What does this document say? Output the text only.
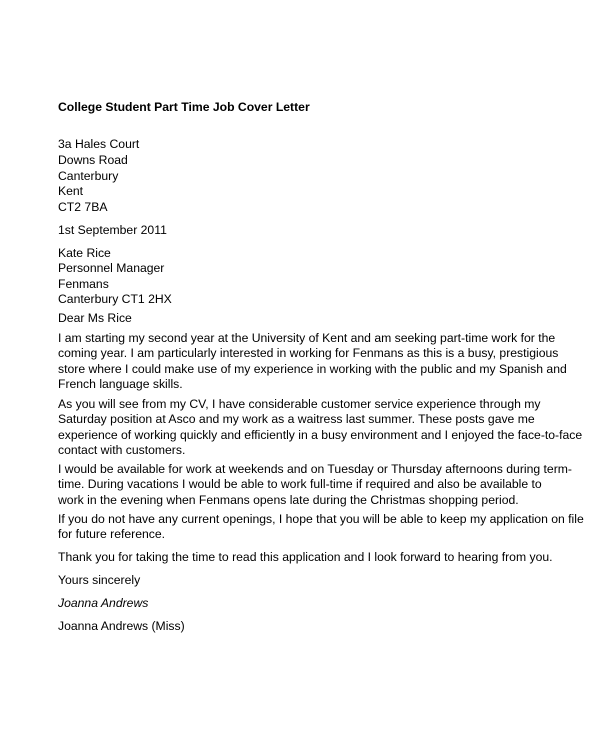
College Student Part Time Job Cover Letter
3a Hales Court
Downs Road
Canterbury
Kent
CT2 7BA
1st September 2011
Kate Rice
Personnel Manager
Fenmans
Canterbury CT1 2HX
Dear Ms Rice
I am starting my second year at the University of Kent and am seeking part-time work for the
coming year. I am particularly interested in working for Fenmans as this is a busy, prestigious
store where I could make use of my experience in working with the public and my Spanish and
French language skills.
As you will see from my CV, I have considerable customer service experience through my
Saturday position at Asco and my work as a waitress last summer. These posts gave me
experience of working quickly and efficiently in a busy environment and I enjoyed the face-to-face
contact with customers.
I would be available for work at weekends and on Tuesday or Thursday afternoons during term-
time. During vacations I would be able to work full-time if required and also be available to
work in the evening when Fenmans opens late during the Christmas shopping period.
If you do not have any current openings, I hope that you will be able to keep my application on file
for future reference.
Thank you for taking the time to read this application and I look forward to hearing from you.
Yours sincerely
Joanna Andrews
Joanna Andrews (Miss)
